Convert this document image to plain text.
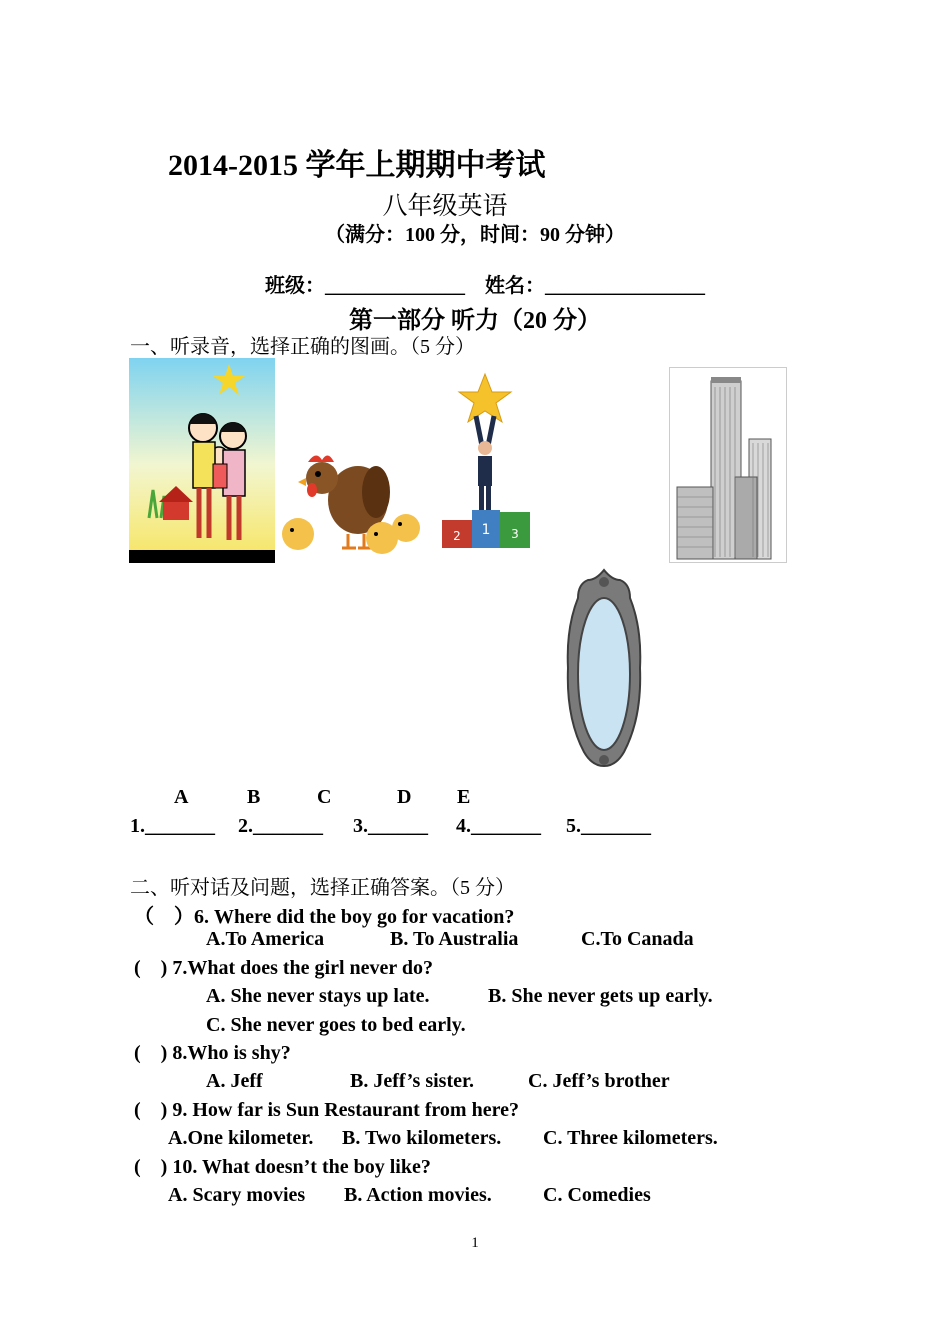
2014-2015 学年上期期中考试
八年级英语
（满分：100 分，时间：90 分钟）

班级：______________ 姓名：________________

第一部分 听力（20 分）
一、听录音，选择正确的图画。（5 分）
1
2	3
A	B	C	D E
1._______ 2._______ 3.______ 4._______ 5._______
二、听对话及问题，选择正确答案。（5 分）
（　）6. Where did the boy go for vacation?
A.To America	B. To Australia	C.To Canada
(    ) 7.What does the girl never do?
A. She never stays up late.	B. She never gets up early.
C. She never goes to bed early.
(    ) 8.Who is shy?
A. Jeff	B. Jeff’s sister.	C. Jeff’s brother
(    ) 9. How far is Sun Restaurant from here?
A.One kilometer. B. Two kilometers. C. Three kilometers.
(    ) 10. What doesn’t the boy like?
A. Scary movies B. Action movies.	C. Comedies
1
